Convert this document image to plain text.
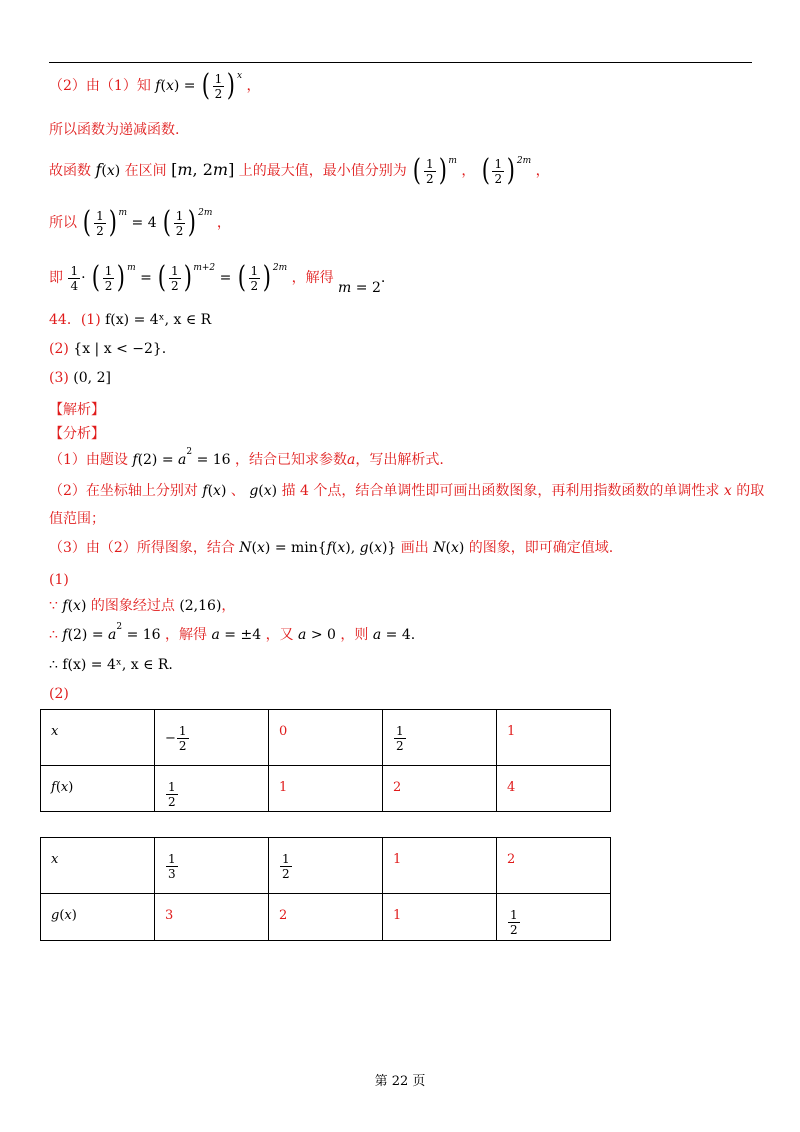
（2）由（1）知 f(x) = ( $\frac{1}{2}$ ) x
，
所以函数为递减函数.
故函数 f(x) 在区间 [m, 2m] 上的最大值，最小值分别为 ( $\frac{1}{2}$ ) m
， ( $\frac{1}{2}$ ) 2m
，
所以 ( $\frac{1}{2}$ ) m
= 4 ( $\frac{1}{2}$ ) 2m
，
即 $\frac{1}{4}$ · ( $\frac{1}{2}$ ) m
= ( $\frac{1}{2}$ ) m+2
= ( $\frac{1}{2}$ ) 2m
，解得 m = 2.
44．(1) f(x) = 4ˣ, x ∈ R
(2) {x | x < −2}.
(3) (0, 2]
【解析】
【分析】
（1）由题设 $f(2) = a^2 = 16$ ，结合已知求参数a，写出解析式.
（2）在坐标轴上分别对 f(x) 、 g(x) 描 4 个点，结合单调性即可画出函数图象，再利用指数函数的单调性求 x 的取
值范围；
（3）由（2）所得图象，结合 N(x) = min{f(x), g(x)} 画出 N(x) 的图象，即可确定值域.
(1)
∵ f(x) 的图象经过点 (2,16)，
∴ $f(2) = a^2 = 16$ ，解得 a = ±4 ，又 a > 0 ，则 a = 4.
∴ f(x) = 4ˣ, x ∈ R.
(2)
x	− $\frac{1}{2}$	0	$\frac{1}{2}$	1
f(x)	$\frac{1}{2}$	1	2	4
x	$\frac{1}{3}$	$\frac{1}{2}$	1	2
g(x)	3	2	1	$\frac{1}{2}$
第 22 页
